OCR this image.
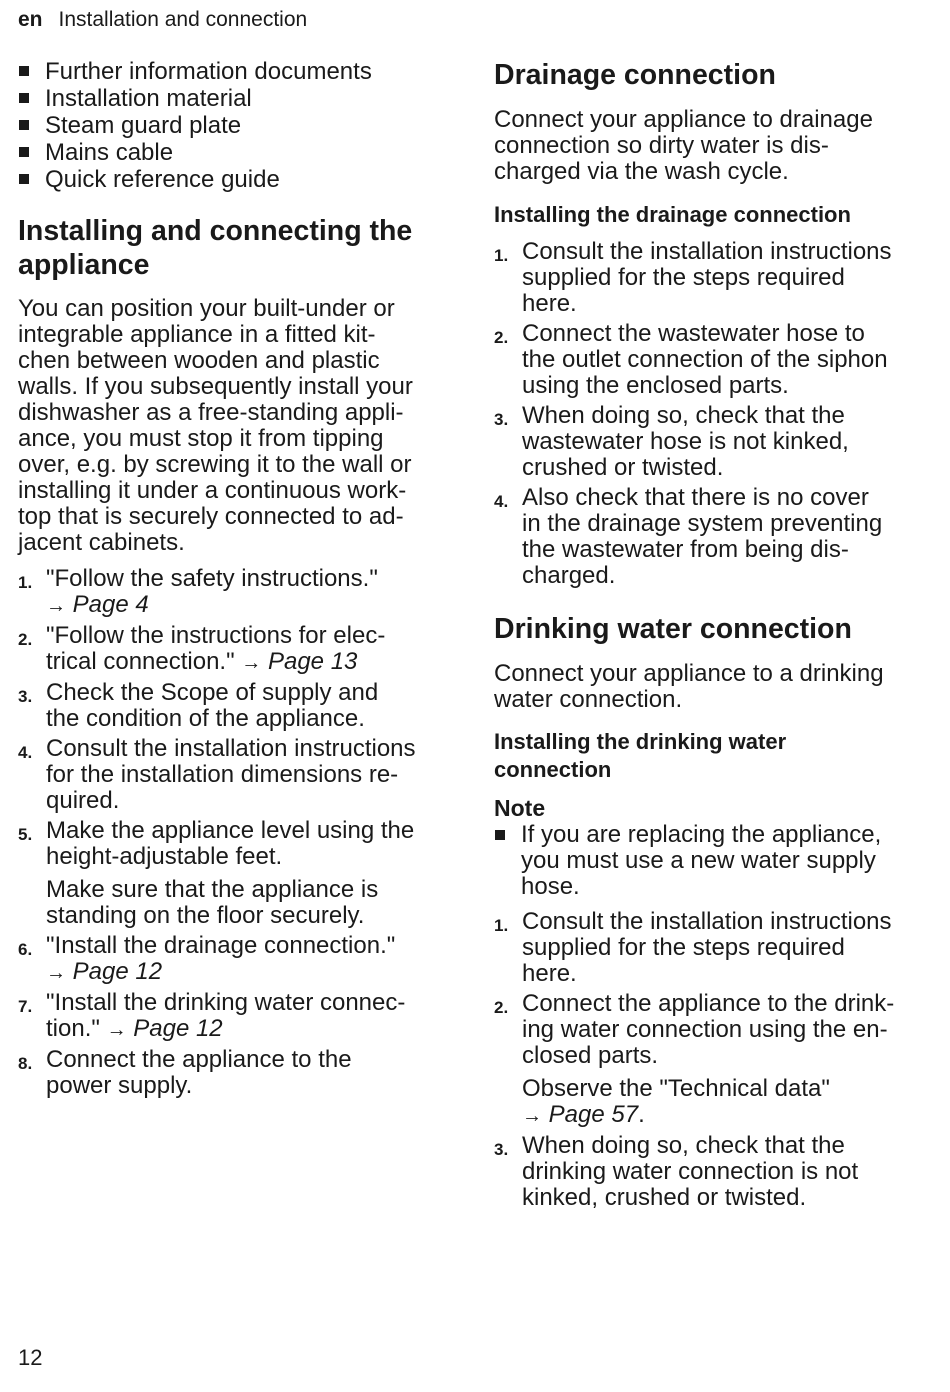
en Installation and connection
Further information documents
Installation material
Steam guard plate
Mains cable
Quick reference guide
Installing and connecting the
appliance
You can position your built-under or
integrable appliance in a fitted kit-
chen between wooden and plastic
walls. If you subsequently install your
dishwasher as a free-standing appli-
ance, you must stop it from tipping
over, e.g. by screwing it to the wall or
installing it under a continuous work-
top that is securely connected to ad-
jacent cabinets.
1. "Follow the safety instructions."
→ Page 4
2. "Follow the instructions for elec-
trical connection." → Page 13
3. Check the Scope of supply and
the condition of the appliance.
4. Consult the installation instructions
for the installation dimensions re-
quired.
5. Make the appliance level using the
height-adjustable feet.
Make sure that the appliance is
standing on the floor securely.
6. "Install the drainage connection."
→ Page 12
7. "Install the drinking water connec-
tion." → Page 12
8. Connect the appliance to the
power supply.
Drainage connection
Connect your appliance to drainage
connection so dirty water is dis-
charged via the wash cycle.
Installing the drainage connection
1. Consult the installation instructions
supplied for the steps required
here.
2. Connect the wastewater hose to
the outlet connection of the siphon
using the enclosed parts.
3. When doing so, check that the
wastewater hose is not kinked,
crushed or twisted.
4. Also check that there is no cover
in the drainage system preventing
the wastewater from being dis-
charged.
Drinking water connection
Connect your appliance to a drinking
water connection.
Installing the drinking water
connection
Note
If you are replacing the appliance,
you must use a new water supply
hose.
1. Consult the installation instructions
supplied for the steps required
here.
2. Connect the appliance to the drink-
ing water connection using the en-
closed parts.
Observe the "Technical data"
→ Page 57.
3. When doing so, check that the
drinking water connection is not
kinked, crushed or twisted.
12
